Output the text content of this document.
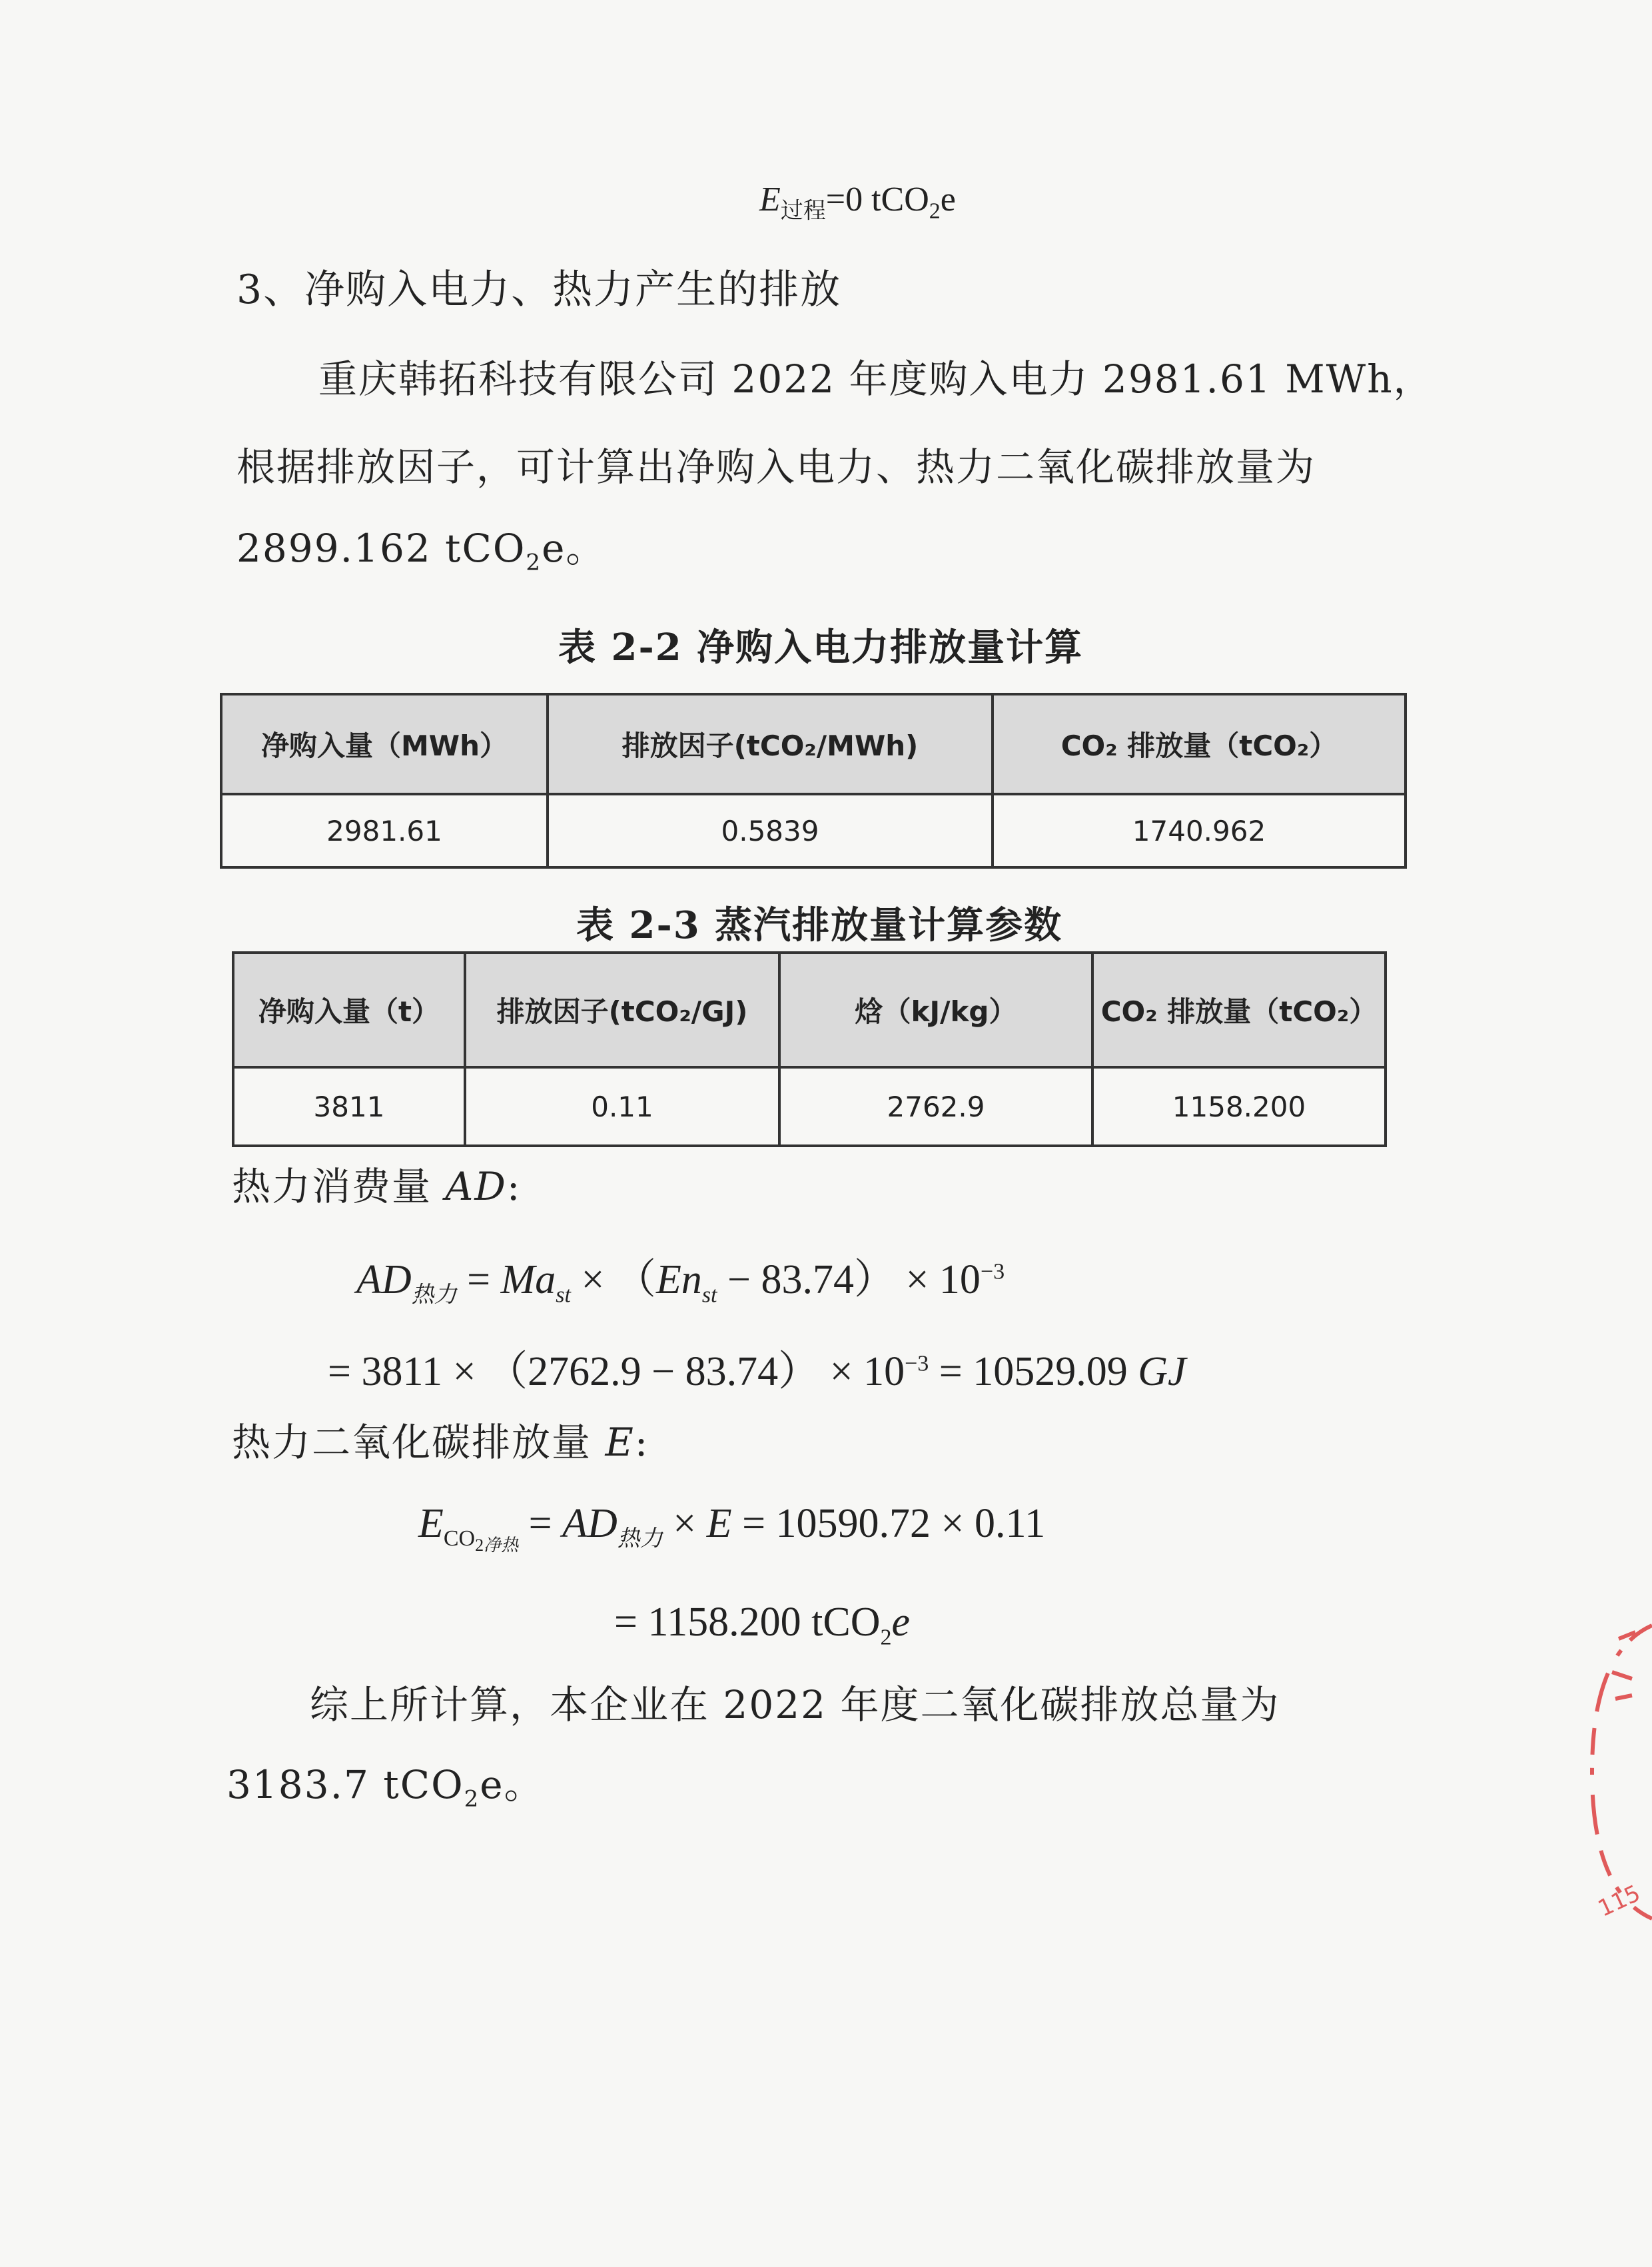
$E_{过程}=0$ tCO$_2$e
3、净购入电力、热力产生的排放
重庆韩拓科技有限公司 2022 年度购入电力 2981.61 MWh，
根据排放因子，可计算出净购入电力、热力二氧化碳排放量为
2899.162 tCO$_2$e。
表 2-2 净购入电力排放量计算
净购入量（MWh）	排放因子(tCO₂/MWh)	CO₂ 排放量（tCO₂）
2981.61	0.5839	1740.962
表 2-3 蒸汽排放量计算参数
净购入量（t）	排放因子(tCO₂/GJ)	焓（kJ/kg）	CO₂ 排放量（tCO₂）
3811	0.11	2762.9	1158.200
热力消费量 AD:
$AD_{热力} = Ma_{st} \times (En_{st} - 83.74) \times 10^{-3}$
= $3811 \times (2762.9 - 83.74) \times 10^{-3} = 10529.09$ GJ
热力二氧化碳排放量 E:
$E_{CO_{2净热}} = AD_{热力} \times E = 10590.72 \times 0.11$
= 1158.200 tCO$_2$e
综上所计算，本企业在 2022 年度二氧化碳排放总量为
3183.7 tCO$_2$e。
115
